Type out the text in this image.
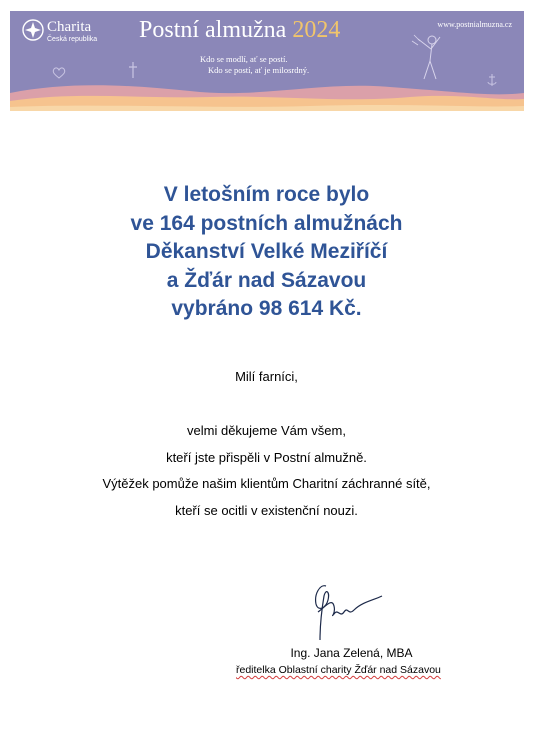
Charita
Česká republika Postní almužna 2024	www.postnialmuzna.cz
Kdo se modlí, ať se postí.
Kdo se postí, ať je milosrdný.
V letošním roce bylo
ve 164 postních almužnách
Děkanství Velké Meziříčí
a Žďár nad Sázavou
vybráno 98 614 Kč.
Milí farníci,
velmi děkujeme Vám všem,
kteří jste přispěli v Postní almužně.
Výtěžek pomůže našim klientům Charitní záchranné sítě,
kteří se ocitli v existenční nouzi.
Ing. Jana Zelená, MBA
ředitelka Oblastní charity Žďár nad Sázavou
